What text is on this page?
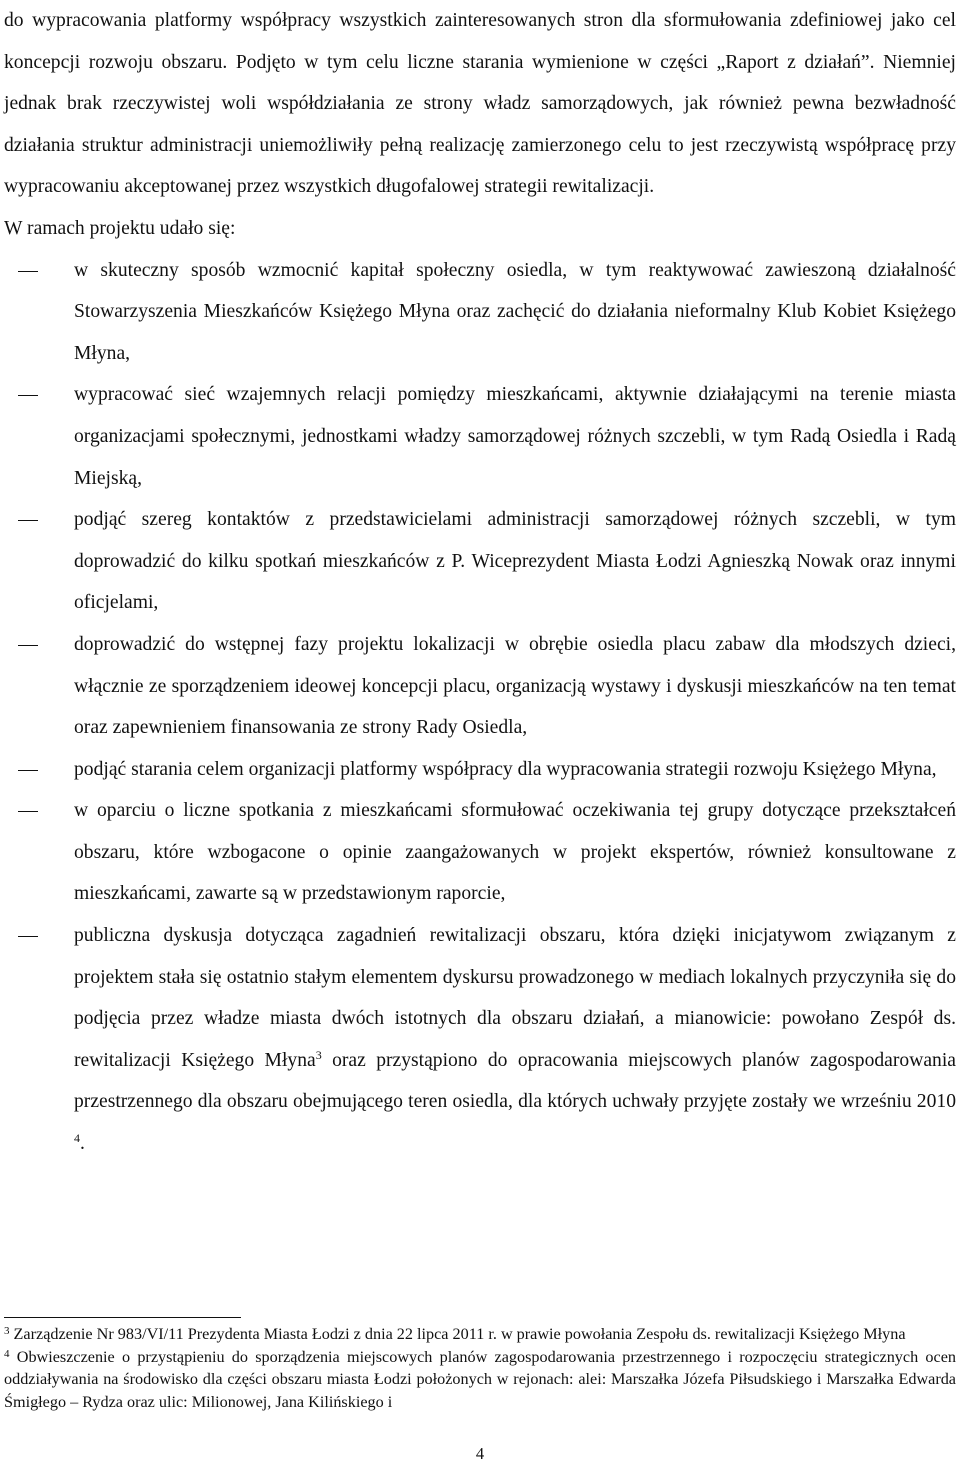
do wypracowania platformy współpracy wszystkich zainteresowanych stron dla sformułowania zdefiniowej jako cel koncepcji rozwoju obszaru. Podjęto w tym celu liczne starania wymienione w części „Raport z działań”. Niemniej jednak brak rzeczywistej woli współdziałania ze strony władz samorządowych, jak również pewna bezwładność działania struktur administracji uniemożliwiły pełną realizację zamierzonego celu to jest rzeczywistą współpracę przy wypracowaniu akceptowanej przez wszystkich długofalowej strategii rewitalizacji.

W ramach projektu udało się:

w skuteczny sposób wzmocnić kapitał społeczny osiedla, w tym reaktywować zawieszoną działalność Stowarzyszenia Mieszkańców Księżego Młyna oraz zachęcić do działania nieformalny Klub Kobiet Księżego Młyna,
wypracować sieć wzajemnych relacji pomiędzy mieszkańcami, aktywnie działającymi na terenie miasta organizacjami społecznymi, jednostkami władzy samorządowej różnych szczebli, w tym Radą Osiedla i Radą Miejską,
podjąć szereg kontaktów z przedstawicielami administracji samorządowej różnych szczebli, w tym doprowadzić do kilku spotkań mieszkańców z P. Wiceprezydent Miasta Łodzi Agnieszką Nowak oraz innymi oficjelami,
doprowadzić do wstępnej fazy projektu lokalizacji w obrębie osiedla placu zabaw dla młodszych dzieci, włącznie ze sporządzeniem ideowej koncepcji placu, organizacją wystawy i dyskusji mieszkańców na ten temat oraz zapewnieniem finansowania ze strony Rady Osiedla,
podjąć starania celem organizacji platformy współpracy dla wypracowania strategii rozwoju Księżego Młyna,
w oparciu o liczne spotkania z mieszkańcami sformułować oczekiwania tej grupy dotyczące przekształceń obszaru, które wzbogacone o opinie zaangażowanych w projekt ekspertów, również konsultowane z mieszkańcami, zawarte są w przedstawionym raporcie,
publiczna dyskusja dotycząca zagadnień rewitalizacji obszaru, która dzięki inicjatywom związanym z projektem stała się ostatnio stałym elementem dyskursu prowadzonego w mediach lokalnych przyczyniła się do podjęcia przez władze miasta dwóch istotnych dla obszaru działań, a mianowicie: powołano Zespół ds. rewitalizacji Księżego Młyna$^3$ oraz przystąpiono do opracowania miejscowych planów zagospodarowania przestrzennego dla obszaru obejmującego teren osiedla, dla których uchwały przyjęte zostały we wrześniu 2010 $^4$.

$^3$ Zarządzenie Nr 983/VI/11 Prezydenta Miasta Łodzi z dnia 22 lipca 2011 r. w prawie powołania Zespołu ds. rewitalizacji Księżego Młyna

$^4$ Obwieszczenie o przystąpieniu do sporządzenia miejscowych planów zagospodarowania przestrzennego i rozpoczęciu strategicznych ocen oddziaływania na środowisko dla części obszaru miasta Łodzi położonych w rejonach: alei: Marszałka Józefa Piłsudskiego i Marszałka Edwarda Śmigłego – Rydza oraz ulic: Milionowej, Jana Kilińskiego i

4
